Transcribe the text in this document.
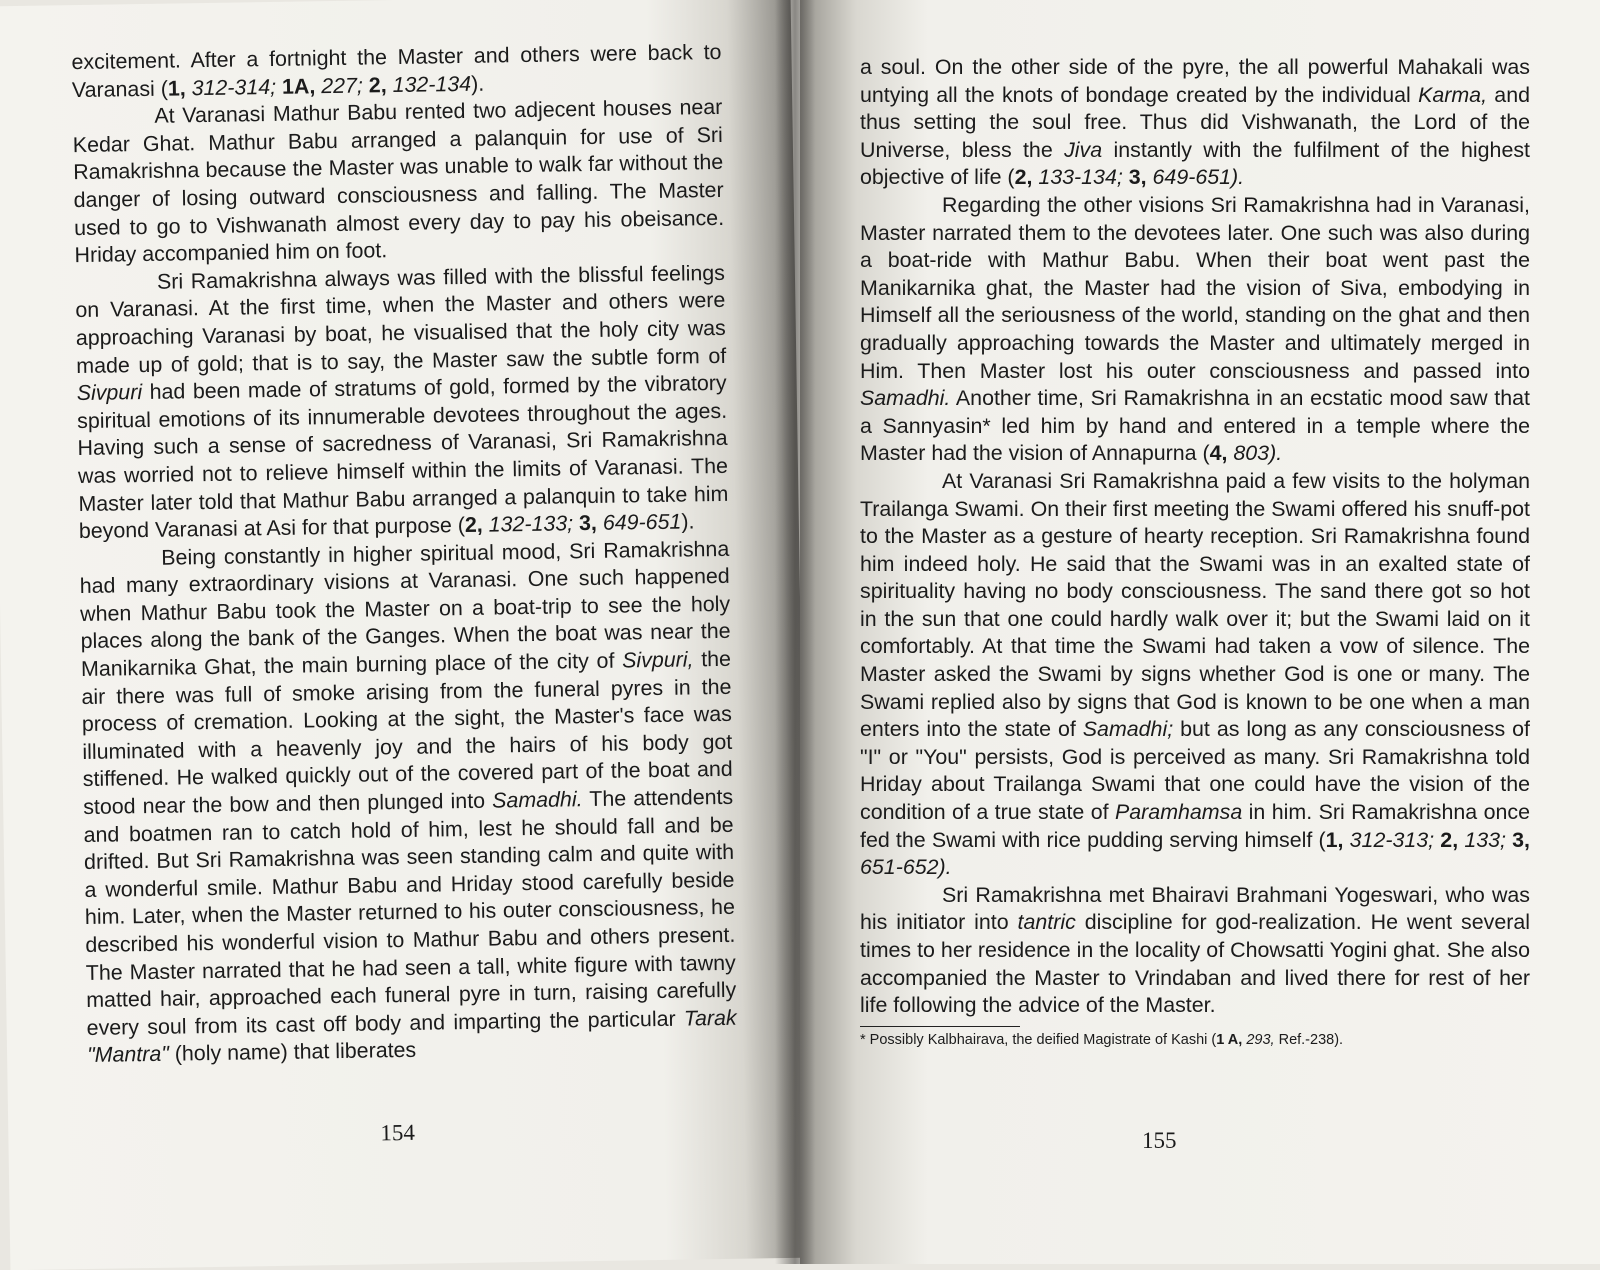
excitement. After a fortnight the Master and others were back to Varanasi (1, 312-314; 1A, 227; 2, 132-134).

At Varanasi Mathur Babu rented two adjecent houses near Kedar Ghat. Mathur Babu arranged a palanquin for use of Sri Ramakrishna because the Master was unable to walk far without the danger of losing outward consciousness and falling. The Master used to go to Vishwanath almost every day to pay his obeisance. Hriday accompanied him on foot.

Sri Ramakrishna always was filled with the blissful feelings on Varanasi. At the first time, when the Master and others were approaching Varanasi by boat, he visualised that the holy city was made up of gold; that is to say, the Master saw the subtle form of Sivpuri had been made of stratums of gold, formed by the vibratory spiritual emotions of its innumerable devotees throughout the ages. Having such a sense of sacredness of Varanasi, Sri Ramakrishna was worried not to relieve himself within the limits of Varanasi. The Master later told that Mathur Babu arranged a palanquin to take him beyond Varanasi at Asi for that purpose (2, 132-133; 3, 649-651).

Being constantly in higher spiritual mood, Sri Ramakrishna had many extraordinary visions at Varanasi. One such happened when Mathur Babu took the Master on a boat-trip to see the holy places along the bank of the Ganges. When the boat was near the Manikarnika Ghat, the main burning place of the city of Sivpuri, the air there was full of smoke arising from the funeral pyres in the process of cremation. Looking at the sight, the Master's face was illuminated with a heavenly joy and the hairs of his body got stiffened. He walked quickly out of the covered part of the boat and stood near the bow and then plunged into Samadhi. The attendents and boatmen ran to catch hold of him, lest he should fall and be drifted. But Sri Ramakrishna was seen standing calm and quite with a wonderful smile. Mathur Babu and Hriday stood carefully beside him. Later, when the Master returned to his outer consciousness, he described his wonderful vision to Mathur Babu and others present. The Master narrated that he had seen a tall, white figure with tawny matted hair, approached each funeral pyre in turn, raising carefully every soul from its cast off body and imparting the particular Tarak "Mantra" (holy name) that liberates

154

a soul. On the other side of the pyre, the all powerful Mahakali was untying all the knots of bondage created by the individual Karma, and thus setting the soul free. Thus did Vishwanath, the Lord of the Universe, bless the Jiva instantly with the fulfilment of the highest objective of life (2, 133-134; 3, 649-651).

Regarding the other visions Sri Ramakrishna had in Varanasi, Master narrated them to the devotees later. One such was also during a boat-ride with Mathur Babu. When their boat went past the Manikarnika ghat, the Master had the vision of Siva, embodying in Himself all the seriousness of the world, standing on the ghat and then gradually approaching towards the Master and ultimately merged in Him. Then Master lost his outer consciousness and passed into Samadhi. Another time, Sri Ramakrishna in an ecstatic mood saw that a Sannyasin* led him by hand and entered in a temple where the Master had the vision of Annapurna (4, 803).

At Varanasi Sri Ramakrishna paid a few visits to the holyman Trailanga Swami. On their first meeting the Swami offered his snuff-pot to the Master as a gesture of hearty reception. Sri Ramakrishna found him indeed holy. He said that the Swami was in an exalted state of spirituality having no body consciousness. The sand there got so hot in the sun that one could hardly walk over it; but the Swami laid on it comfortably. At that time the Swami had taken a vow of silence. The Master asked the Swami by signs whether God is one or many. The Swami replied also by signs that God is known to be one when a man enters into the state of Samadhi; but as long as any consciousness of "I" or "You" persists, God is perceived as many. Sri Ramakrishna told Hriday about Trailanga Swami that one could have the vision of the condition of a true state of Paramhamsa in him. Sri Ramakrishna once fed the Swami with rice pudding serving himself (1, 312-313; 2, 133; 3, 651-652).

Sri Ramakrishna met Bhairavi Brahmani Yogeswari, who was his initiator into tantric discipline for god-realization. He went several times to her residence in the locality of Chowsatti Yogini ghat. She also accompanied the Master to Vrindaban and lived there for rest of her life following the advice of the Master.

* Possibly Kalbhairava, the deified Magistrate of Kashi (1 A, 293, Ref.-238).
155
